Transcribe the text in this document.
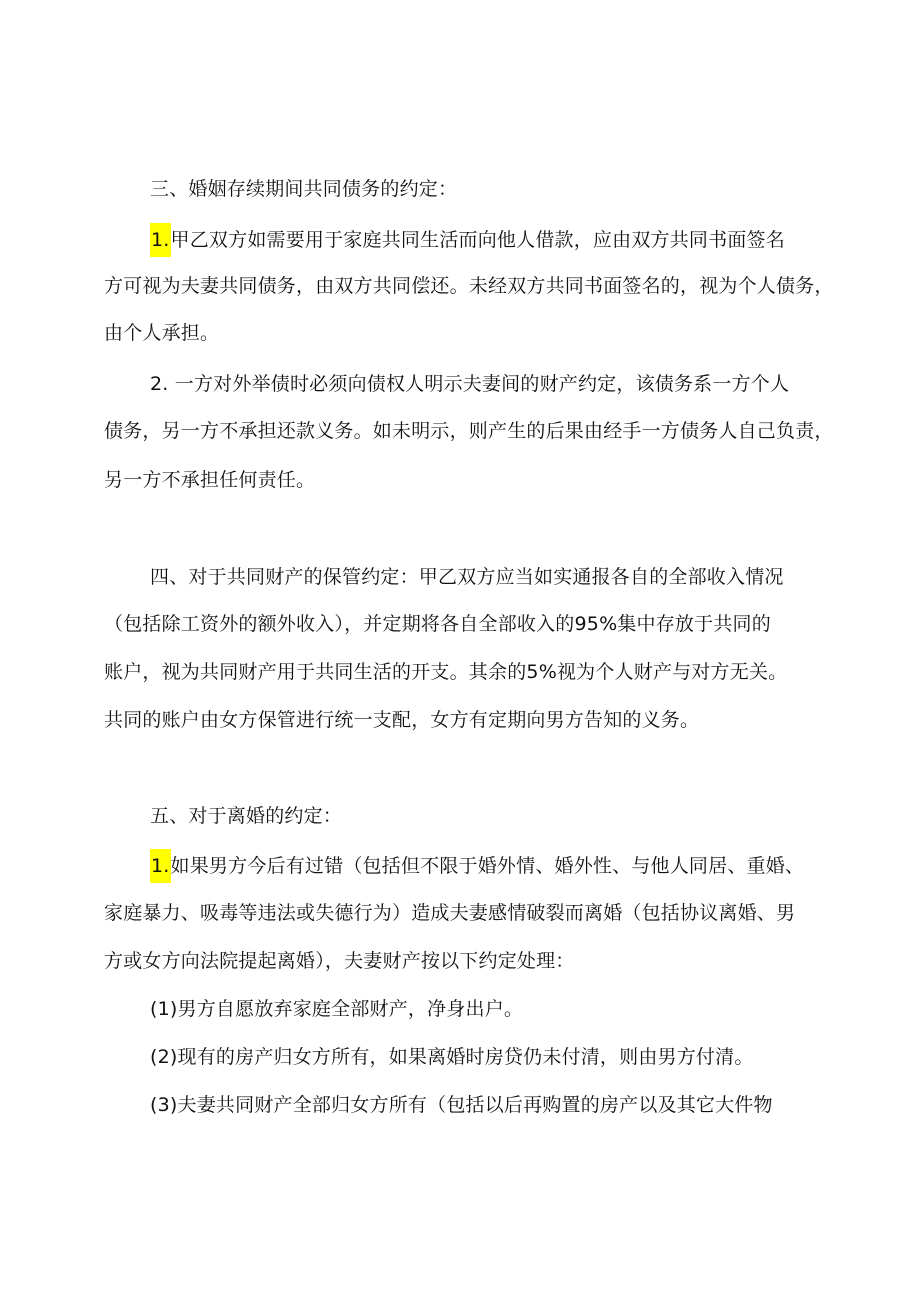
三、婚姻存续期间共同债务的约定：
1.甲乙双方如需要用于家庭共同生活而向他人借款，应由双方共同书面签名
方可视为夫妻共同债务，由双方共同偿还。未经双方共同书面签名的，视为个人债务，
由个人承担。
2. 一方对外举债时必须向债权人明示夫妻间的财产约定，该债务系一方个人
债务，另一方不承担还款义务。如未明示，则产生的后果由经手一方债务人自己负责，
另一方不承担任何责任。
四、对于共同财产的保管约定：甲乙双方应当如实通报各自的全部收入情况
（包括除工资外的额外收入），并定期将各自全部收入的95%集中存放于共同的
账户，视为共同财产用于共同生活的开支。其余的5%视为个人财产与对方无关。
共同的账户由女方保管进行统一支配，女方有定期向男方告知的义务。
五、对于离婚的约定：
1.如果男方今后有过错（包括但不限于婚外情、婚外性、与他人同居、重婚、
家庭暴力、吸毒等违法或失德行为）造成夫妻感情破裂而离婚（包括协议离婚、男
方或女方向法院提起离婚），夫妻财产按以下约定处理：
(1)男方自愿放弃家庭全部财产，净身出户。
(2)现有的房产归女方所有，如果离婚时房贷仍未付清，则由男方付清。
(3)夫妻共同财产全部归女方所有（包括以后再购置的房产以及其它大件物
